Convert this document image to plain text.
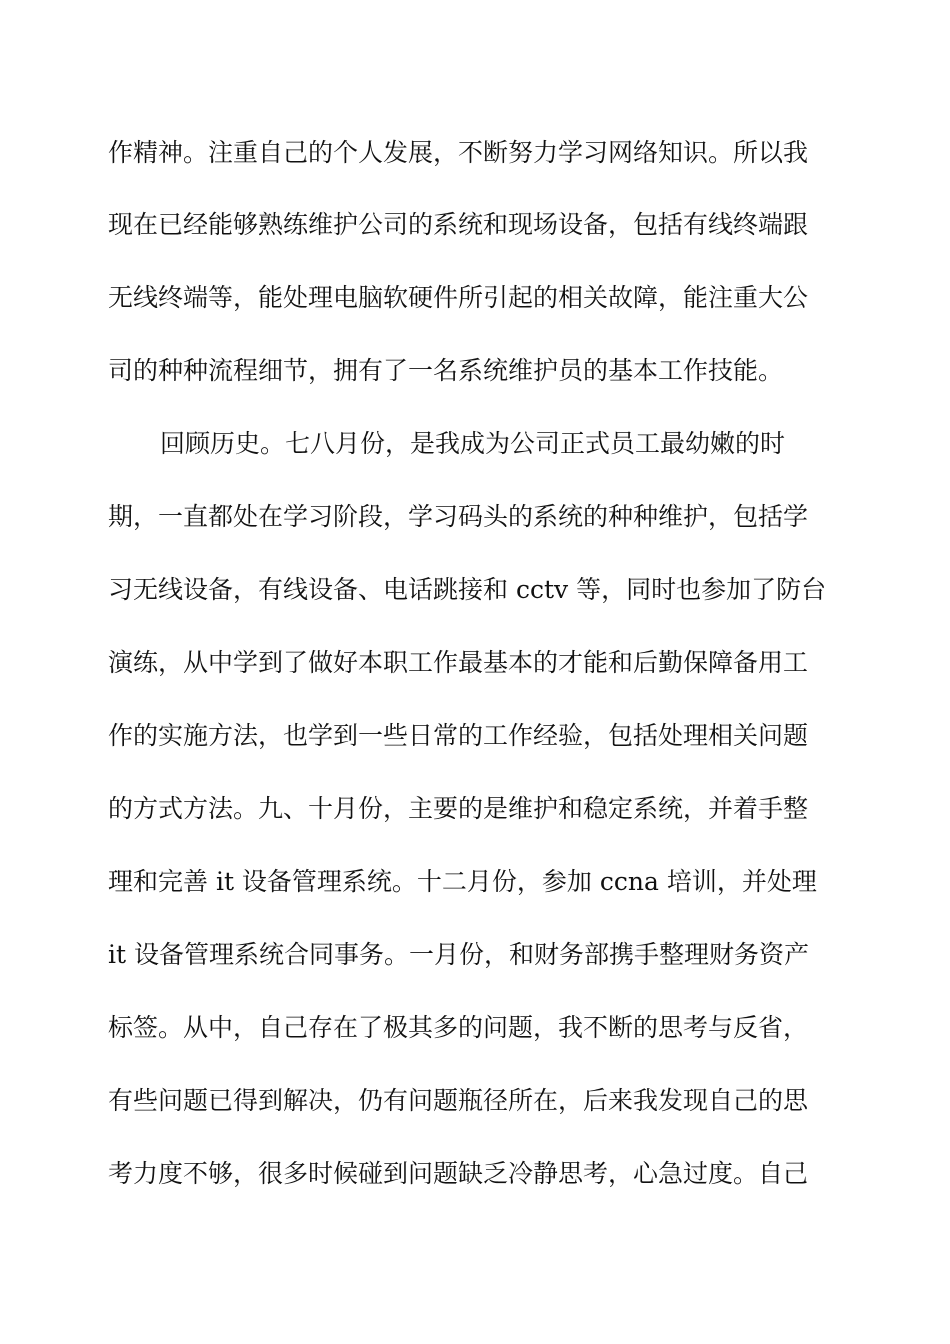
作精神。注重自己的个人发展，不断努力学习网络知识。所以我
现在已经能够熟练维护公司的系统和现场设备，包括有线终端跟
无线终端等，能处理电脑软硬件所引起的相关故障，能注重大公
司的种种流程细节，拥有了一名系统维护员的基本工作技能。
回顾历史。七八月份，是我成为公司正式员工最幼嫩的时
期，一直都处在学习阶段，学习码头的系统的种种维护，包括学
习无线设备，有线设备、电话跳接和 cctv 等，同时也参加了防台
演练，从中学到了做好本职工作最基本的才能和后勤保障备用工
作的实施方法，也学到一些日常的工作经验，包括处理相关问题
的方式方法。九、十月份，主要的是维护和稳定系统，并着手整
理和完善 it 设备管理系统。十二月份，参加 ccna 培训，并处理
it 设备管理系统合同事务。一月份，和财务部携手整理财务资产
标签。从中，自己存在了极其多的问题，我不断的思考与反省，
有些问题已得到解决，仍有问题瓶径所在，后来我发现自己的思
考力度不够，很多时候碰到问题缺乏冷静思考，心急过度。自己
